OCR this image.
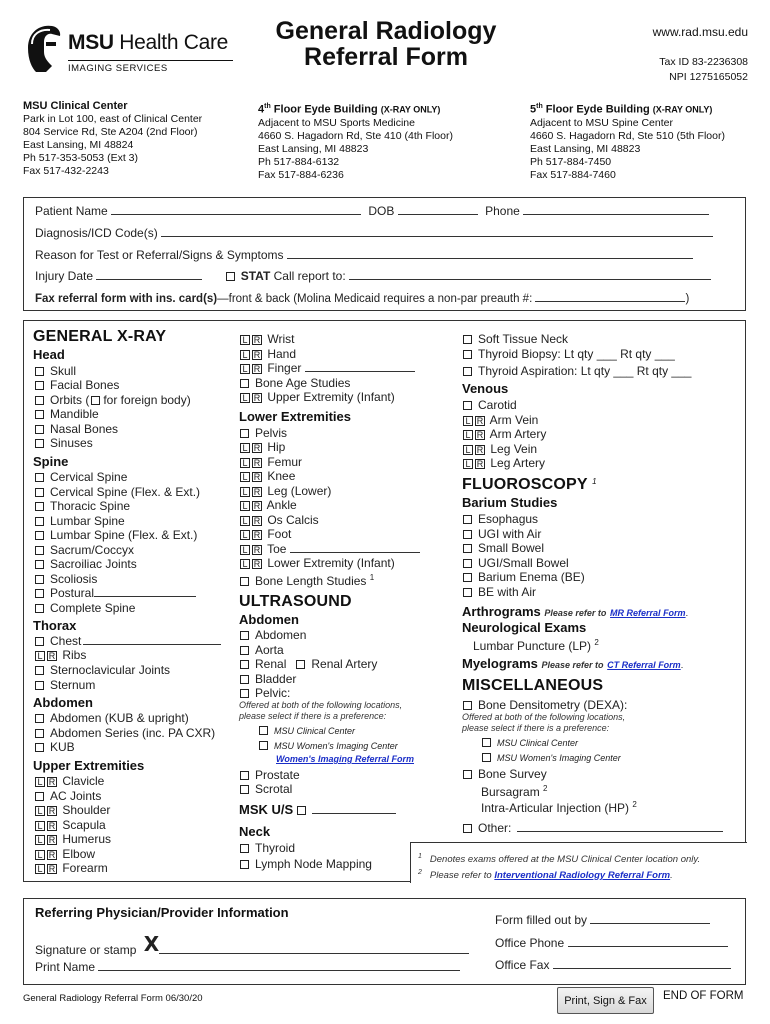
MSU Health Care
IMAGING SERVICES
General Radiology
Referral Form
www.rad.msu.edu
Tax ID 83-2236308
NPI 1275165052
MSU Clinical Center
Park in Lot 100, east of Clinical Center
804 Service Rd, Ste A204 (2nd Floor)
East Lansing, MI 48824
Ph 517-353-5053 (Ext 3)
Fax 517-432-2243
4th Floor Eyde Building (X-RAY ONLY)
Adjacent to MSU Sports Medicine
4660 S. Hagadorn Rd, Ste 410 (4th Floor)
East Lansing, MI 48823
Ph 517-884-6132
Fax 517-884-6236
5th Floor Eyde Building (X-RAY ONLY)
Adjacent to MSU Spine Center
4660 S. Hagadorn Rd, Ste 510 (5th Floor)
East Lansing, MI 48823
Ph 517-884-7450
Fax 517-884-7460
Patient Name	DOB	Phone
Diagnosis/ICD Code(s)
Reason for Test or Referral/Signs & Symptoms
Injury Date	STAT Call report to:
Fax referral form with ins. card(s)—front & back (Molina Medicaid requires a non-par preauth #:	)
GENERAL X-RAY
Head
Skull
Facial Bones
Orbits ( for foreign body)
Mandible
Nasal Bones
Sinuses
Spine
Cervical Spine
Cervical Spine (Flex. & Ext.)
Thoracic Spine
Lumbar Spine
Lumbar Spine (Flex. & Ext.)
Sacrum/Coccyx
Sacroiliac Joints
Scoliosis
Postural
Complete Spine
Thorax
Chest
L R Ribs
Sternoclavicular Joints
Sternum
Abdomen
Abdomen (KUB & upright)
Abdomen Series (inc. PA CXR)
KUB
Upper Extremities
L R Clavicle
AC Joints
L R Shoulder
L R Scapula
L R Humerus
L R Elbow
L R Forearm
L R Wrist
L R Hand
L R Finger
Bone Age Studies
L R Upper Extremity (Infant)
Lower Extremities
Pelvis
L R Hip
L R Femur
L R Knee
L R Leg (Lower)
L R Ankle
L R Os Calcis
L R Foot
L R Toe
L R Lower Extremity (Infant)
Bone Length Studies $^1$
ULTRASOUND
Abdomen
Abdomen
Aorta
Renal Renal Artery
Bladder
Pelvic:
Offered at both of the following locations,
please select if there is a preference:
MSU Clinical Center
MSU Women's Imaging Center
Women's Imaging Referral Form
Prostate
Scrotal
MSK U/S
Neck
Thyroid
Lymph Node Mapping
Soft Tissue Neck
Thyroid Biopsy: Lt qty ___ Rt qty ___
Thyroid Aspiration: Lt qty ___ Rt qty ___
Venous
Carotid
L R Arm Vein
L R Arm Artery
L R Leg Vein
L R Leg Artery
FLUOROSCOPY $^1$
Barium Studies
Esophagus
UGI with Air
Small Bowel
UGI/Small Bowel
Barium Enema (BE)
BE with Air
Arthrograms Please refer to MR Referral Form.
Neurological Exams
Lumbar Puncture (LP) $^2$
Myelograms Please refer to CT Referral Form.
MISCELLANEOUS
Bone Densitometry (DEXA):
Offered at both of the following locations,
please select if there is a preference:
MSU Clinical Center
MSU Women's Imaging Center
Bone Survey
Bursagram $^2$
Intra-Articular Injection (HP) $^2$
Other:
$^1$ Denotes exams offered at the MSU Clinical Center location only.
$^2$ Please refer to Interventional Radiology Referral Form.
Referring Physician/Provider Information
Signature or stamp X
Print Name
Form filled out by
Office Phone
Office Fax
General Radiology Referral Form 06/30/20	Print, Sign & Fax	END OF FORM
